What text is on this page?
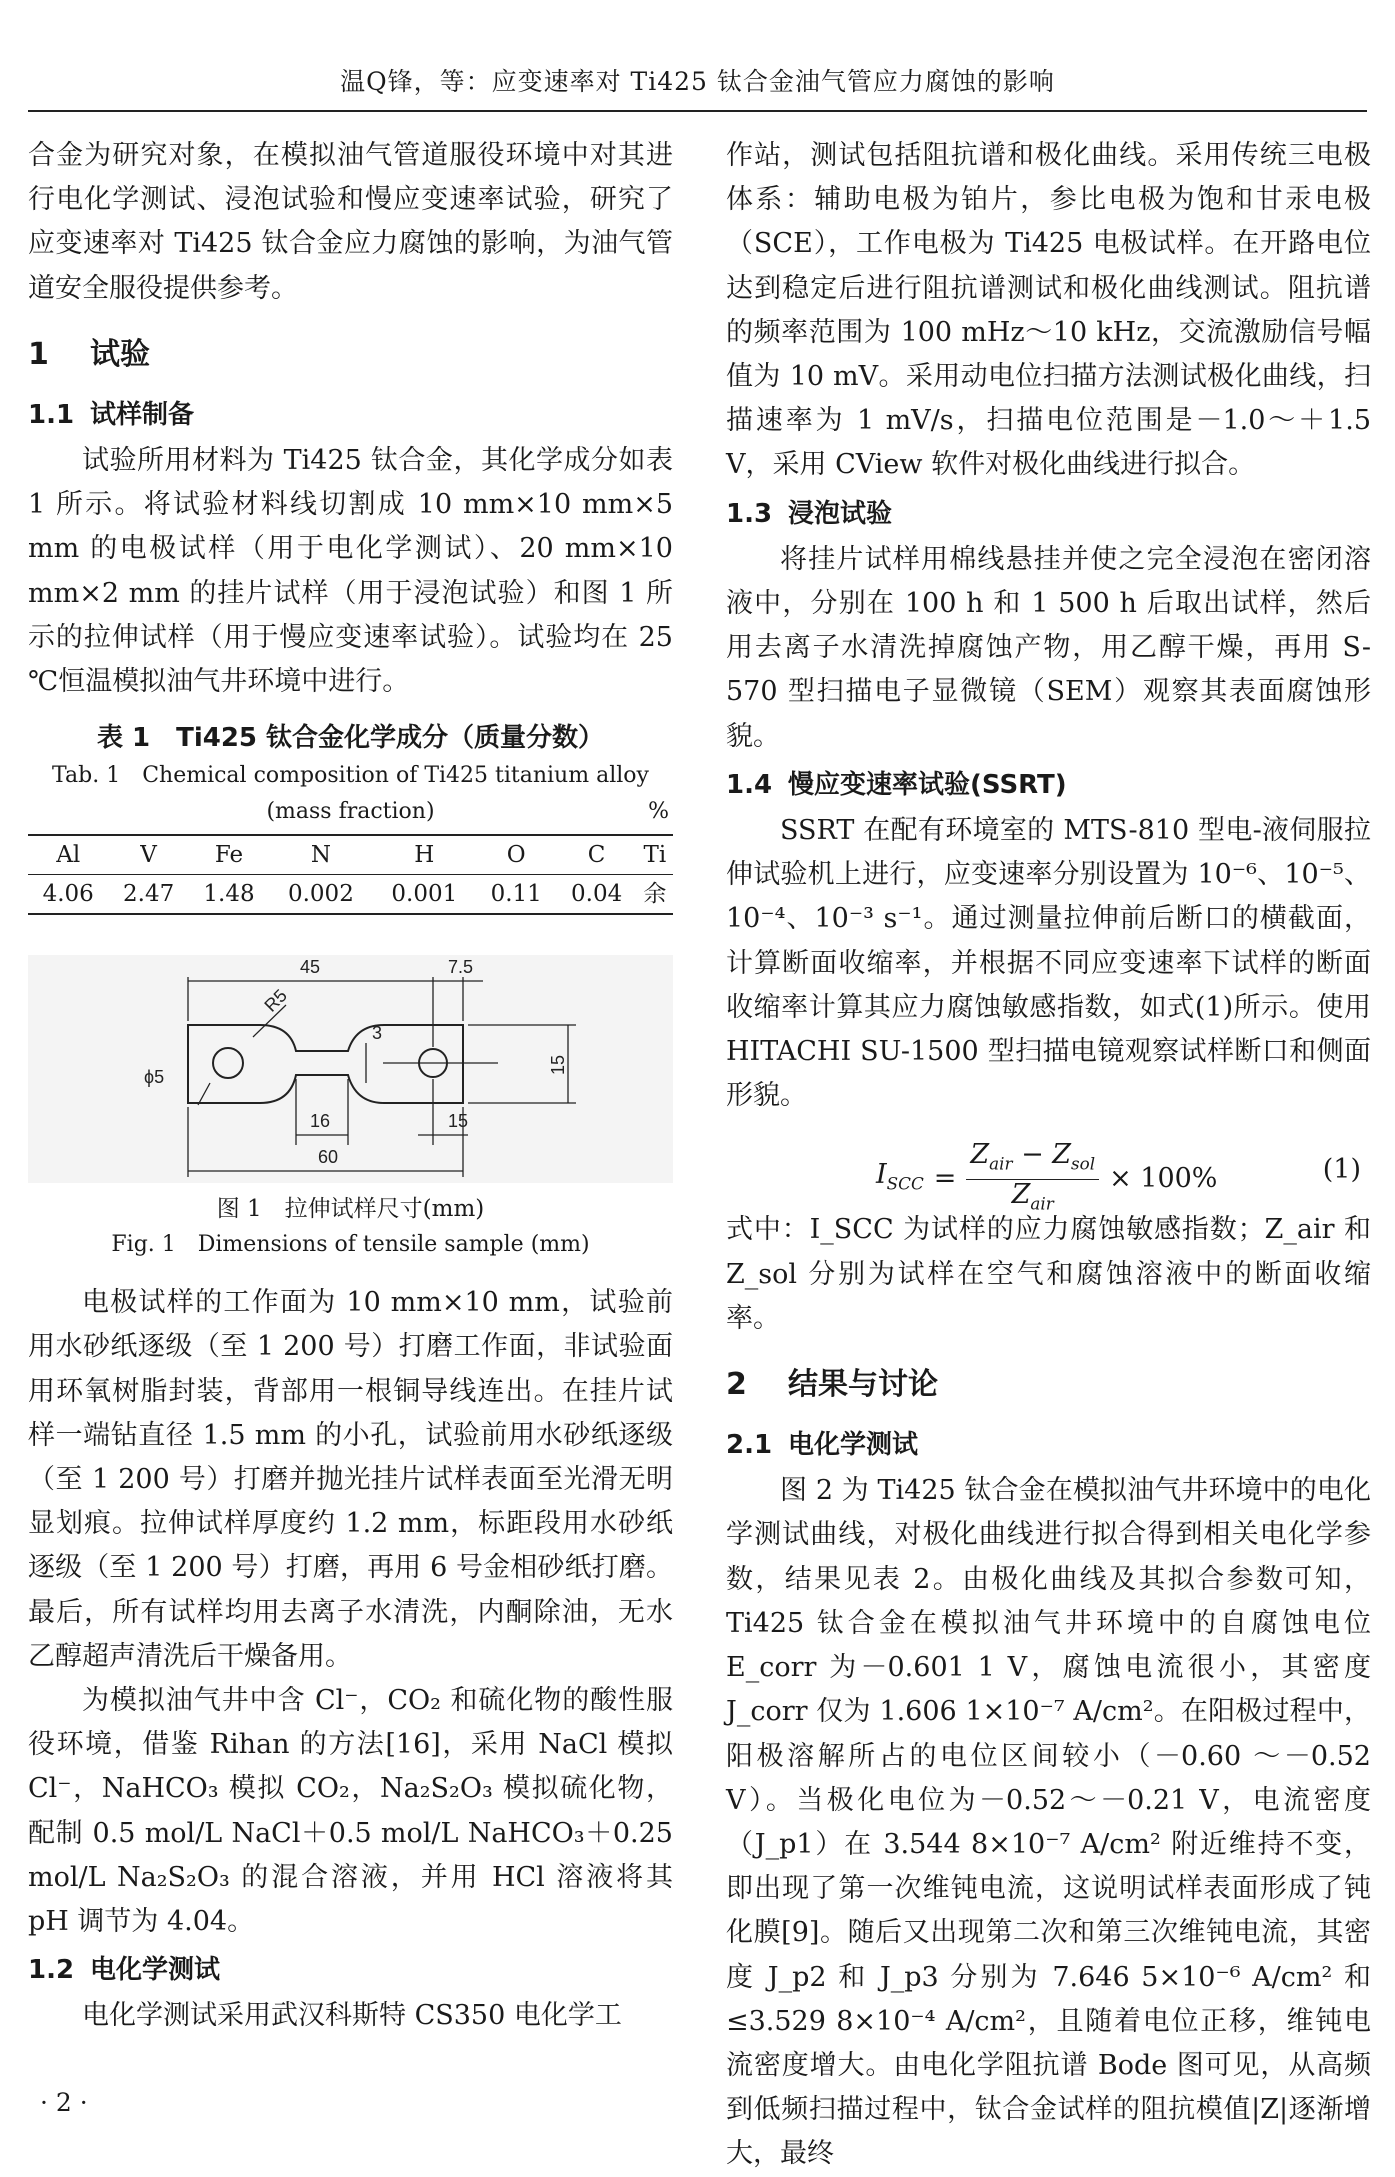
温Q锋，等：应变速率对 Ti425 钛合金油气管应力腐蚀的影响

合金为研究对象，在模拟油气管道服役环境中对其进行电化学测试、浸泡试验和慢应变速率试验，研究了应变速率对 Ti425 钛合金应力腐蚀的影响，为油气管道安全服役提供参考。

1 试验
1.1 试样制备

试验所用材料为 Ti425 钛合金，其化学成分如表 1 所示。将试验材料线切割成 10 mm×10 mm×5 mm 的电极试样（用于电化学测试）、20 mm×10 mm×2 mm 的挂片试样（用于浸泡试验）和图 1 所示的拉伸试样（用于慢应变速率试验）。试验均在 25 ℃恒温模拟油气井环境中进行。

表 1　Ti425 钛合金化学成分（质量分数）
Tab. 1　Chemical composition of Ti425 titanium alloy
(mass fraction)	%
Al	V	Fe	N	H	O	C	Ti
4.06	2.47	1.48	0.002	0.001	0.11	0.04	余
45	7.5
R5
3
ϕ5
15
16	15
60
图 1　拉伸试样尺寸(mm)
Fig. 1　Dimensions of tensile sample (mm)

电极试样的工作面为 10 mm×10 mm，试验前用水砂纸逐级（至 1 200 号）打磨工作面，非试验面用环氧树脂封装，背部用一根铜导线连出。在挂片试样一端钻直径 1.5 mm 的小孔，试验前用水砂纸逐级（至 1 200 号）打磨并抛光挂片试样表面至光滑无明显划痕。拉伸试样厚度约 1.2 mm，标距段用水砂纸逐级（至 1 200 号）打磨，再用 6 号金相砂纸打磨。最后，所有试样均用去离子水清洗，内酮除油，无水乙醇超声清洗后干燥备用。

为模拟油气井中含 Cl⁻，CO₂ 和硫化物的酸性服役环境，借鉴 Rihan 的方法[16]，采用 NaCl 模拟 Cl⁻，NaHCO₃ 模拟 CO₂，Na₂S₂O₃ 模拟硫化物，配制 0.5 mol/L NaCl＋0.5 mol/L NaHCO₃＋0.25 mol/L Na₂S₂O₃ 的混合溶液，并用 HCl 溶液将其 pH 调节为 4.04。

1.2 电化学测试

电化学测试采用武汉科斯特 CS350 电化学工

作站，测试包括阻抗谱和极化曲线。采用传统三电极体系：辅助电极为铂片，参比电极为饱和甘汞电极（SCE），工作电极为 Ti425 电极试样。在开路电位达到稳定后进行阻抗谱测试和极化曲线测试。阻抗谱的频率范围为 100 mHz～10 kHz，交流激励信号幅值为 10 mV。采用动电位扫描方法测试极化曲线，扫描速率为 1 mV/s，扫描电位范围是－1.0～＋1.5 V，采用 CView 软件对极化曲线进行拟合。

1.3 浸泡试验

将挂片试样用棉线悬挂并使之完全浸泡在密闭溶液中，分别在 100 h 和 1 500 h 后取出试样，然后用去离子水清洗掉腐蚀产物，用乙醇干燥，再用 S-570 型扫描电子显微镜（SEM）观察其表面腐蚀形貌。

1.4 慢应变速率试验(SSRT)

SSRT 在配有环境室的 MTS-810 型电-液伺服拉伸试验机上进行，应变速率分别设置为 10⁻⁶、10⁻⁵、10⁻⁴、10⁻³ s⁻¹。通过测量拉伸前后断口的横截面，计算断面收缩率，并根据不同应变速率下试样的断面收缩率计算其应力腐蚀敏感指数，如式(1)所示。使用 HITACHI SU-1500 型扫描电镜观察试样断口和侧面形貌。

$I_{SCC} = \frac{Z_{air} - Z_{sol}}{Z_{air}} \times 100\%$	(1)

式中：I_SCC 为试样的应力腐蚀敏感指数；Z_air 和 Z_sol 分别为试样在空气和腐蚀溶液中的断面收缩率。

2 结果与讨论
2.1 电化学测试

图 2 为 Ti425 钛合金在模拟油气井环境中的电化学测试曲线，对极化曲线进行拟合得到相关电化学参数，结果见表 2。由极化曲线及其拟合参数可知，Ti425 钛合金在模拟油气井环境中的自腐蚀电位 E_corr 为－0.601 1 V，腐蚀电流很小，其密度 J_corr 仅为 1.606 1×10⁻⁷ A/cm²。在阳极过程中，阳极溶解所占的电位区间较小（－0.60 ～－0.52 V）。当极化电位为－0.52～－0.21 V，电流密度（J_p1）在 3.544 8×10⁻⁷ A/cm² 附近维持不变，即出现了第一次维钝电流，这说明试样表面形成了钝化膜[9]。随后又出现第二次和第三次维钝电流，其密度 J_p2 和 J_p3 分别为 7.646 5×10⁻⁶ A/cm² 和≤3.529 8×10⁻⁴ A/cm²，且随着电位正移，维钝电流密度增大。由电化学阻抗谱 Bode 图可见，从高频到低频扫描过程中，钛合金试样的阻抗模值|Z|逐渐增大，最终

· 2 ·
